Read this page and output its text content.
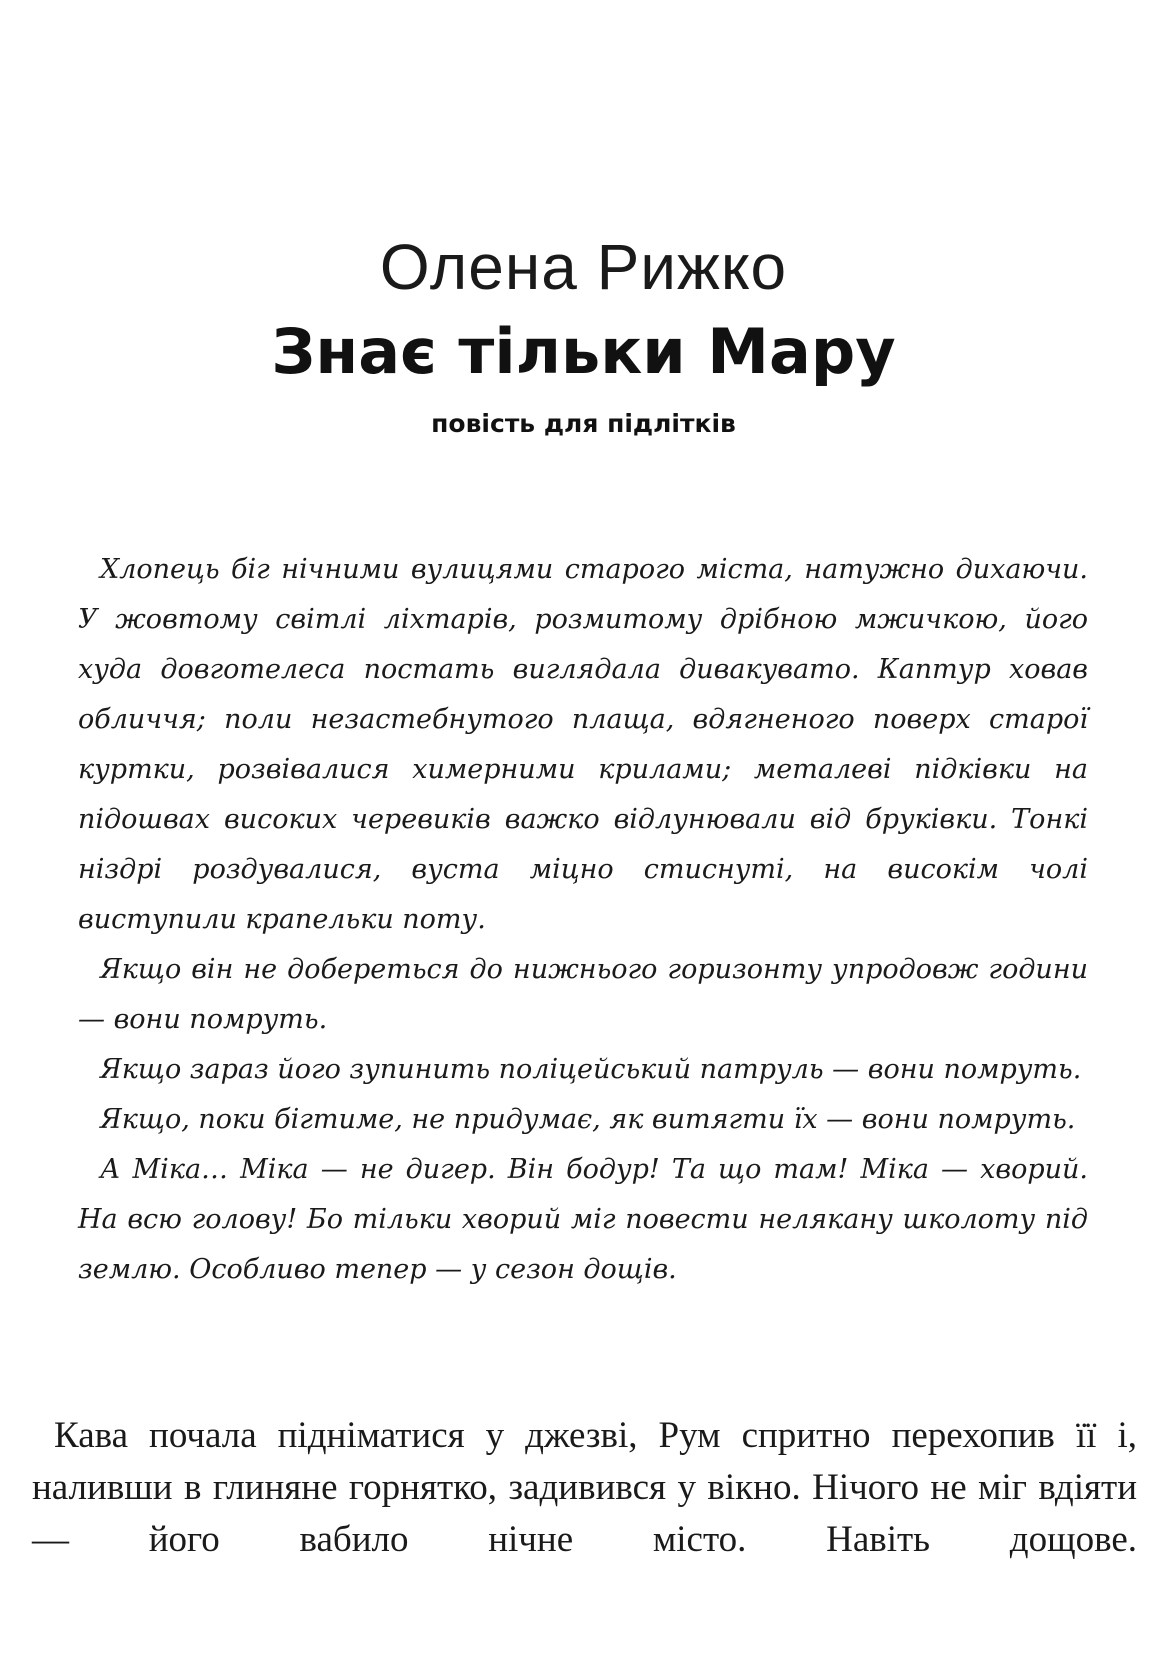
Олена Рижко
Знає тільки Мару
повість для підлітків

Хлопець біг нічними вулицями старого міста, натужно дихаючи. У жовтому світлі ліхтарів, розмитому дрібною мжичкою, його худа довготелеса постать виглядала дивакувато. Каптур ховав обличчя; поли незастебнутого плаща, вдягненого поверх старої куртки, розвівалися химерними крилами; металеві підківки на підошвах високих черевиків важко відлунювали від бруківки. Тонкі ніздрі роздувалися, вуста міцно стиснуті, на високім чолі виступили крапельки поту.

Якщо він не добереться до нижнього горизонту упродовж години — вони помруть.

Якщо зараз його зупинить поліцейський патруль — вони помруть.

Якщо, поки бігтиме, не придумає, як витягти їх — вони помруть.

А Міка… Міка — не дигер. Він бодур! Та що там! Міка — хворий. На всю голову! Бо тільки хворий міг повести нелякану школоту під землю. Особливо тепер — у сезон дощів.

Кава почала підніматися у джезві, Рум спритно перехопив її і, наливши в глиняне горнятко, задивився у вікно. Нічого не міг вдіяти — його вабило нічне місто. Навіть дощове.
